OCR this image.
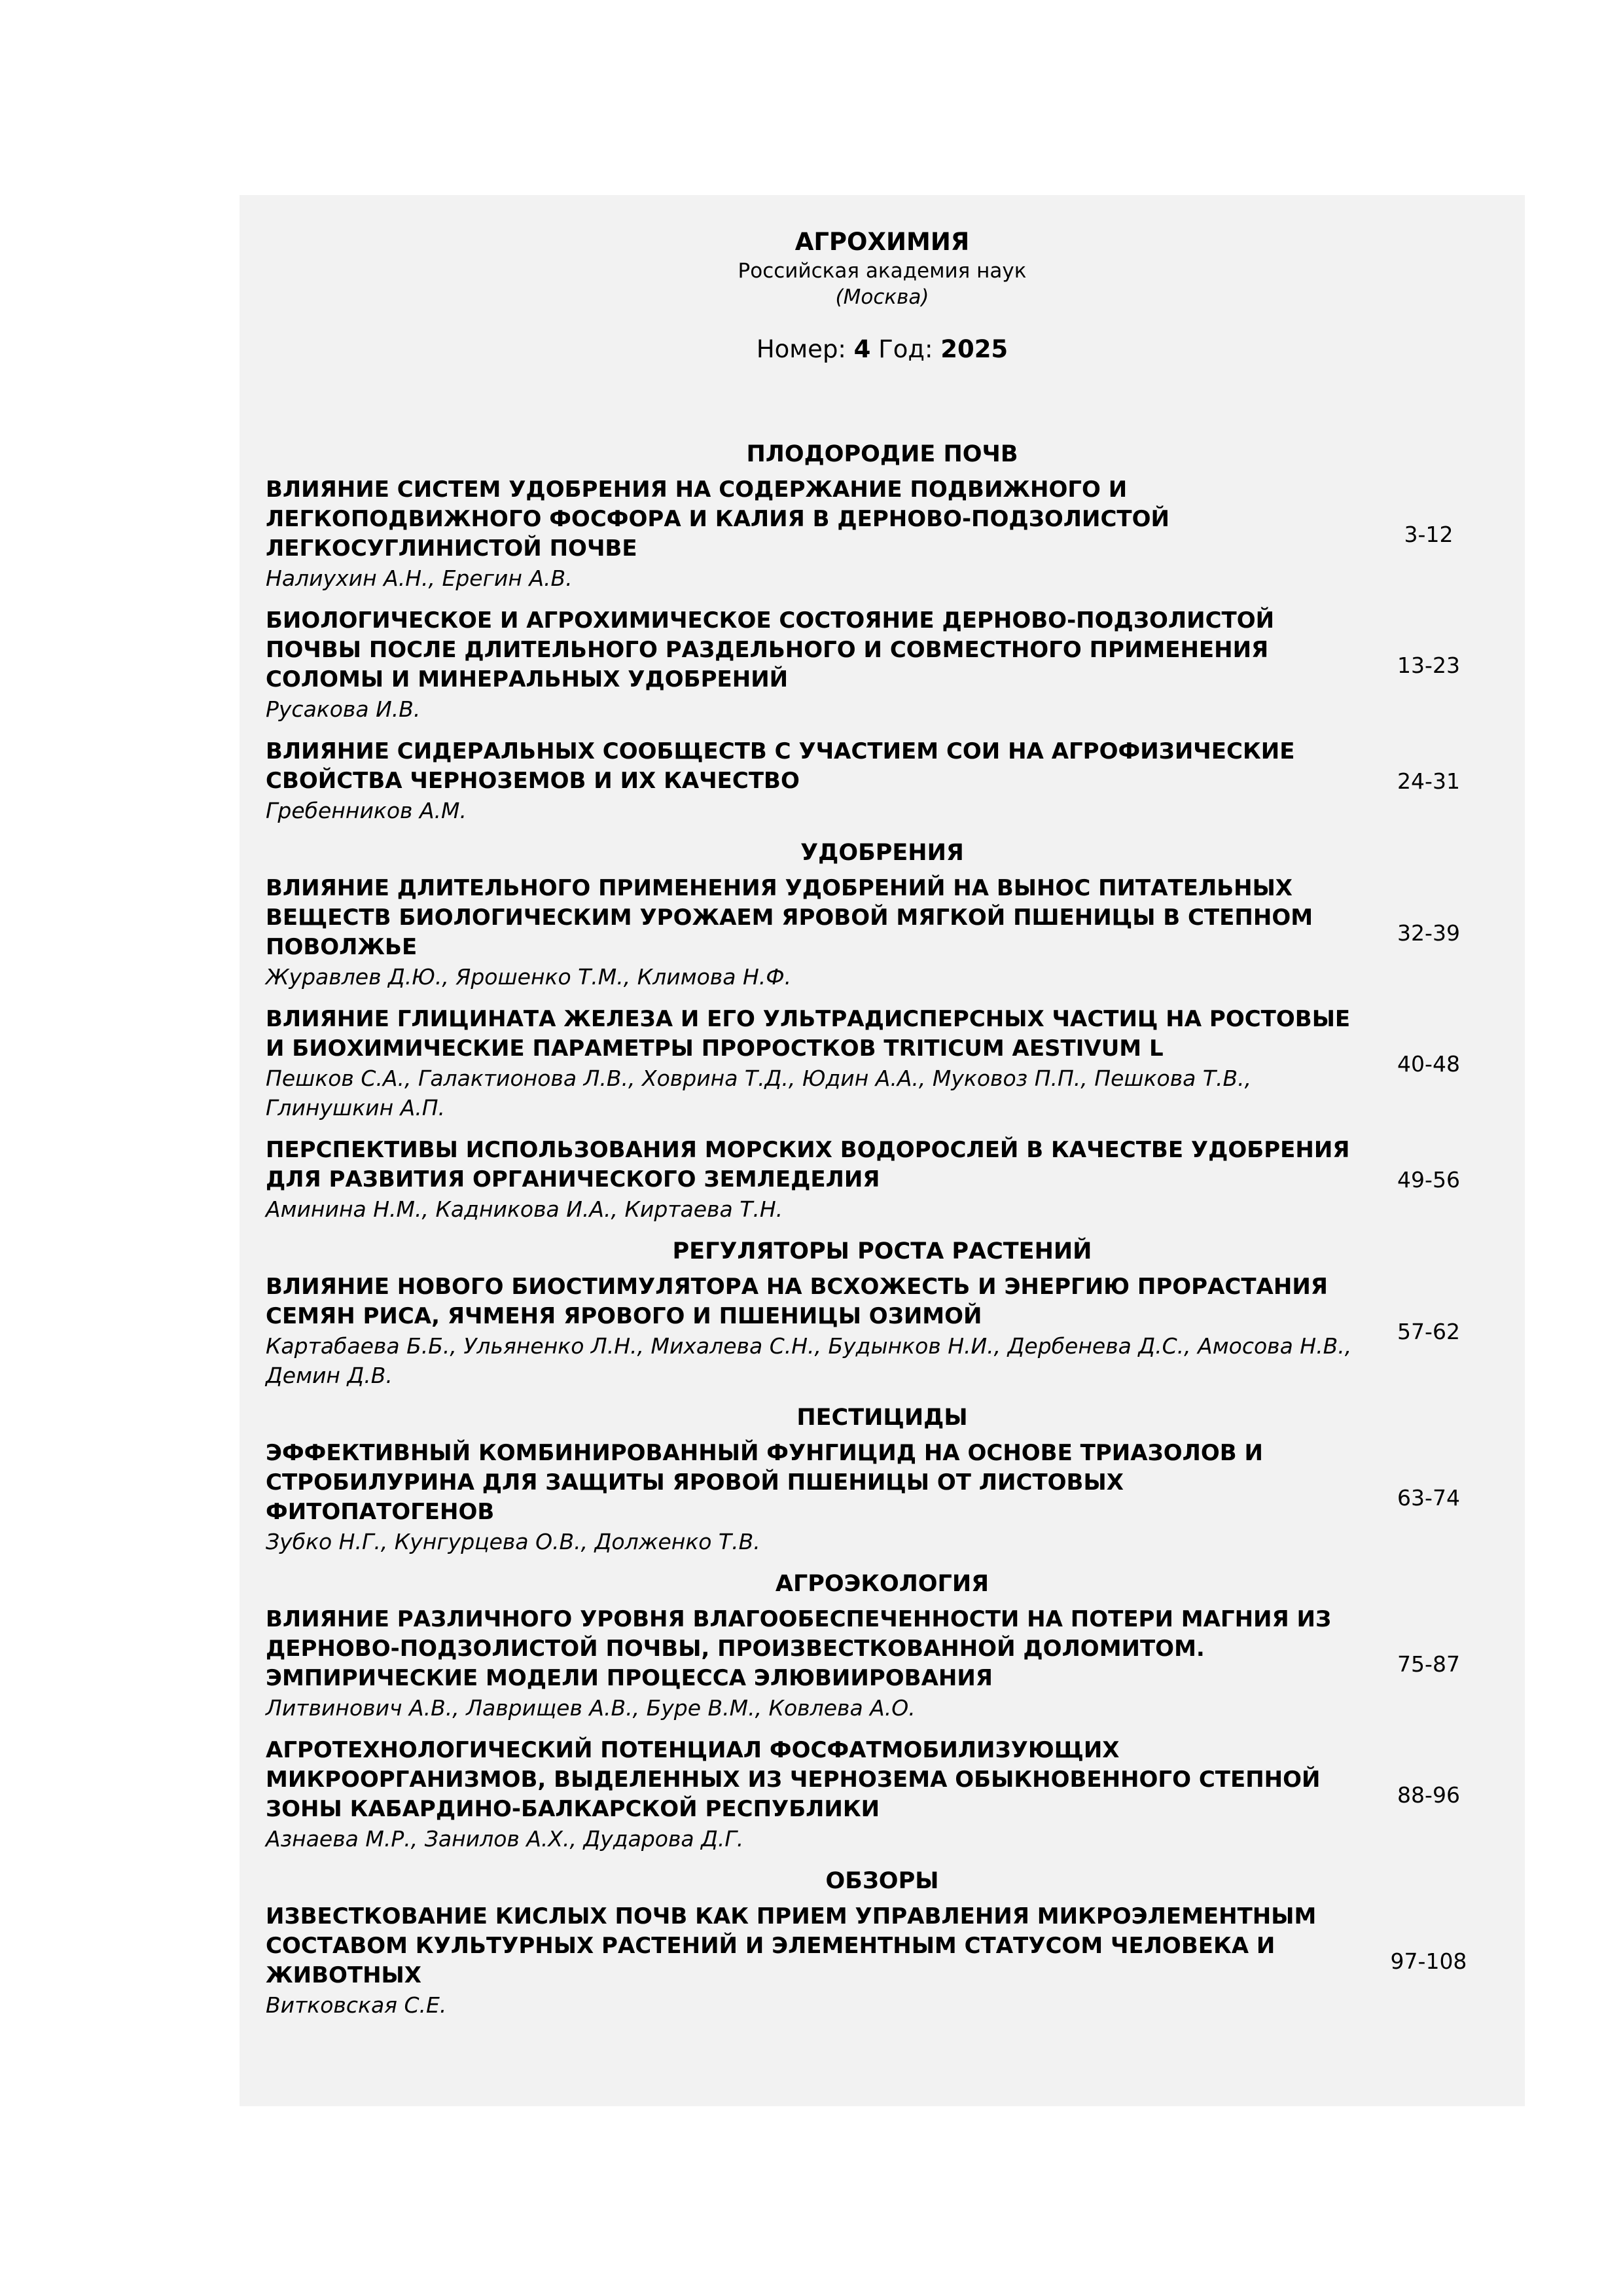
АГРОХИМИЯ
Российская академия наук
(Москва)
Номер: 4 Год: 2025
ПЛОДОРОДИЕ ПОЧВ
ВЛИЯНИЕ СИСТЕМ УДОБРЕНИЯ НА СОДЕРЖАНИЕ ПОДВИЖНОГО И ЛЕГКОПОДВИЖНОГО ФОСФОРА И КАЛИЯ В ДЕРНОВО-ПОДЗОЛИСТОЙ ЛЕГКОСУГЛИНИСТОЙ ПОЧВЕ
Налиухин А.Н., Ерегин А.В.
3-12
БИОЛОГИЧЕСКОЕ И АГРОХИМИЧЕСКОЕ СОСТОЯНИЕ ДЕРНОВО-ПОДЗОЛИСТОЙ ПОЧВЫ ПОСЛЕ ДЛИТЕЛЬНОГО РАЗДЕЛЬНОГО И СОВМЕСТНОГО ПРИМЕНЕНИЯ СОЛОМЫ И МИНЕРАЛЬНЫХ УДОБРЕНИЙ
Русакова И.В.
13-23
ВЛИЯНИЕ СИДЕРАЛЬНЫХ СООБЩЕСТВ С УЧАСТИЕМ СОИ НА АГРОФИЗИЧЕСКИЕ СВОЙСТВА ЧЕРНОЗЕМОВ И ИХ КАЧЕСТВО
Гребенников А.М.
24-31
УДОБРЕНИЯ
ВЛИЯНИЕ ДЛИТЕЛЬНОГО ПРИМЕНЕНИЯ УДОБРЕНИЙ НА ВЫНОС ПИТАТЕЛЬНЫХ ВЕЩЕСТВ БИОЛОГИЧЕСКИМ УРОЖАЕМ ЯРОВОЙ МЯГКОЙ ПШЕНИЦЫ В СТЕПНОМ ПОВОЛЖЬЕ
Журавлев Д.Ю., Ярошенко Т.М., Климова Н.Ф.
32-39
ВЛИЯНИЕ ГЛИЦИНАТА ЖЕЛЕЗА И ЕГО УЛЬТРАДИСПЕРСНЫХ ЧАСТИЦ НА РОСТОВЫЕ И БИОХИМИЧЕСКИЕ ПАРАМЕТРЫ ПРОРОСТКОВ TRITICUM AESTIVUM L
Пешков С.А., Галактионова Л.В., Ховрина Т.Д., Юдин А.А., Муковоз П.П., Пешкова Т.В., Глинушкин А.П.
40-48
ПЕРСПЕКТИВЫ ИСПОЛЬЗОВАНИЯ МОРСКИХ ВОДОРОСЛЕЙ В КАЧЕСТВЕ УДОБРЕНИЯ ДЛЯ РАЗВИТИЯ ОРГАНИЧЕСКОГО ЗЕМЛЕДЕЛИЯ
Аминина Н.М., Кадникова И.А., Киртаева Т.Н.
49-56
РЕГУЛЯТОРЫ РОСТА РАСТЕНИЙ
ВЛИЯНИЕ НОВОГО БИОСТИМУЛЯТОРА НА ВСХОЖЕСТЬ И ЭНЕРГИЮ ПРОРАСТАНИЯ СЕМЯН РИСА, ЯЧМЕНЯ ЯРОВОГО И ПШЕНИЦЫ ОЗИМОЙ
Картабаева Б.Б., Ульяненко Л.Н., Михалева С.Н., Будынков Н.И., Дербенева Д.С., Амосова Н.В., Демин Д.В.
57-62
ПЕСТИЦИДЫ
ЭФФЕКТИВНЫЙ КОМБИНИРОВАННЫЙ ФУНГИЦИД НА ОСНОВЕ ТРИАЗОЛОВ И СТРОБИЛУРИНА ДЛЯ ЗАЩИТЫ ЯРОВОЙ ПШЕНИЦЫ ОТ ЛИСТОВЫХ ФИТОПАТОГЕНОВ
Зубко Н.Г., Кунгурцева О.В., Долженко Т.В.
63-74
АГРОЭКОЛОГИЯ
ВЛИЯНИЕ РАЗЛИЧНОГО УРОВНЯ ВЛАГООБЕСПЕЧЕННОСТИ НА ПОТЕРИ МАГНИЯ ИЗ ДЕРНОВО-ПОДЗОЛИСТОЙ ПОЧВЫ, ПРОИЗВЕСТКОВАННОЙ ДОЛОМИТОМ. ЭМПИРИЧЕСКИЕ МОДЕЛИ ПРОЦЕССА ЭЛЮВИИРОВАНИЯ
Литвинович А.В., Лаврищев А.В., Буре В.М., Ковлева А.О.
75-87
АГРОТЕХНОЛОГИЧЕСКИЙ ПОТЕНЦИАЛ ФОСФАТМОБИЛИЗУЮЩИХ МИКРООРГАНИЗМОВ, ВЫДЕЛЕННЫХ ИЗ ЧЕРНОЗЕМА ОБЫКНОВЕННОГО СТЕПНОЙ ЗОНЫ КАБАРДИНО-БАЛКАРСКОЙ РЕСПУБЛИКИ
Азнаева М.Р., Занилов А.Х., Дударова Д.Г.
88-96
ОБЗОРЫ
ИЗВЕСТКОВАНИЕ КИСЛЫХ ПОЧВ КАК ПРИЕМ УПРАВЛЕНИЯ МИКРОЭЛЕМЕНТНЫМ СОСТАВОМ КУЛЬТУРНЫХ РАСТЕНИЙ И ЭЛЕМЕНТНЫМ СТАТУСОМ ЧЕЛОВЕКА И ЖИВОТНЫХ
Витковская С.Е.
97-108
